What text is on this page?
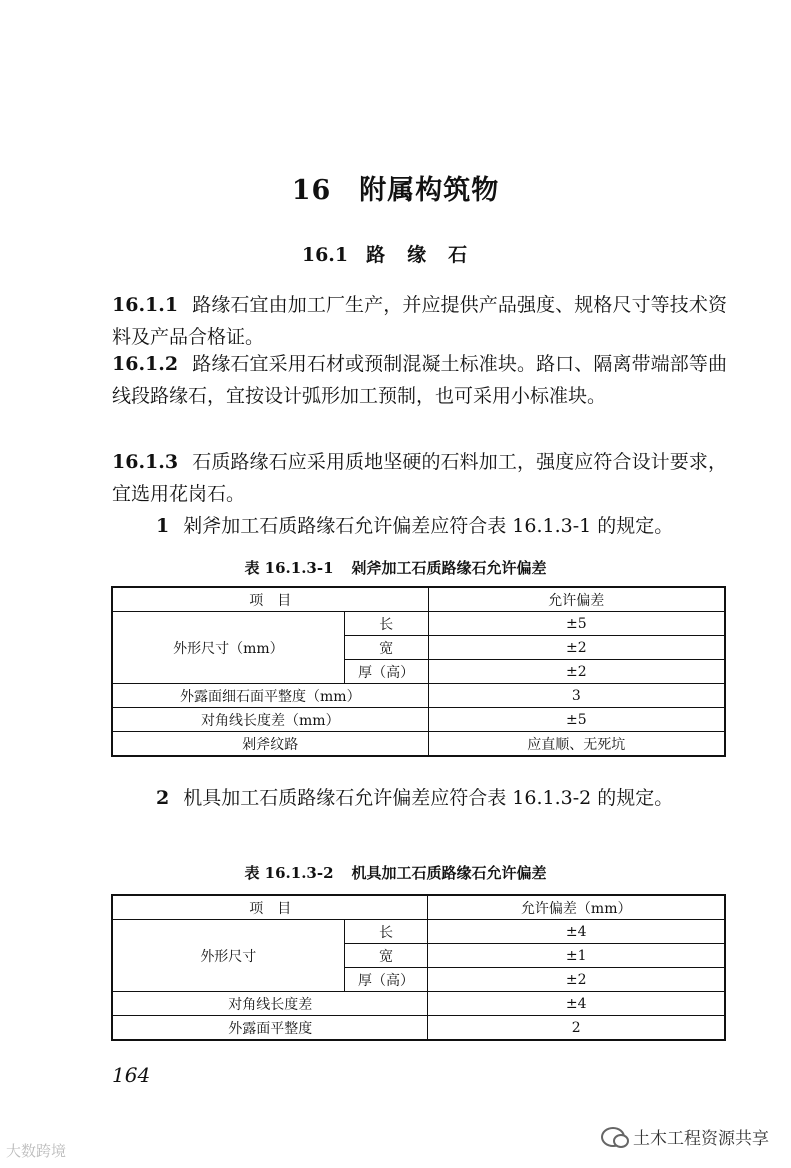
16 附属构筑物
16.1 路缘石
16.1.1 路缘石宜由加工厂生产，并应提供产品强度、规格尺寸等技术资料及产品合格证。
16.1.2 路缘石宜采用石材或预制混凝土标准块。路口、隔离带端部等曲线段路缘石，宜按设计弧形加工预制，也可采用小标准块。
16.1.3 石质路缘石应采用质地坚硬的石料加工，强度应符合设计要求，宜选用花岗石。
1 剁斧加工石质路缘石允许偏差应符合表 16.1.3-1 的规定。
表 16.1.3-1 剁斧加工石质路缘石允许偏差
项　目		允许偏差
外形尺寸（mm）	长	±5
	宽	±2
	厚（高）	±2
外露面细石面平整度（mm）		3
对角线长度差（mm）		±5
剁斧纹路		应直顺、无死坑
2 机具加工石质路缘石允许偏差应符合表 16.1.3-2 的规定。
表 16.1.3-2 机具加工石质路缘石允许偏差
项　目		允许偏差（mm）
外形尺寸	长	±4
	宽	±1
	厚（高）	±2
对角线长度差		±4
外露面平整度		2
164
大数跨境
土木工程资源共享
